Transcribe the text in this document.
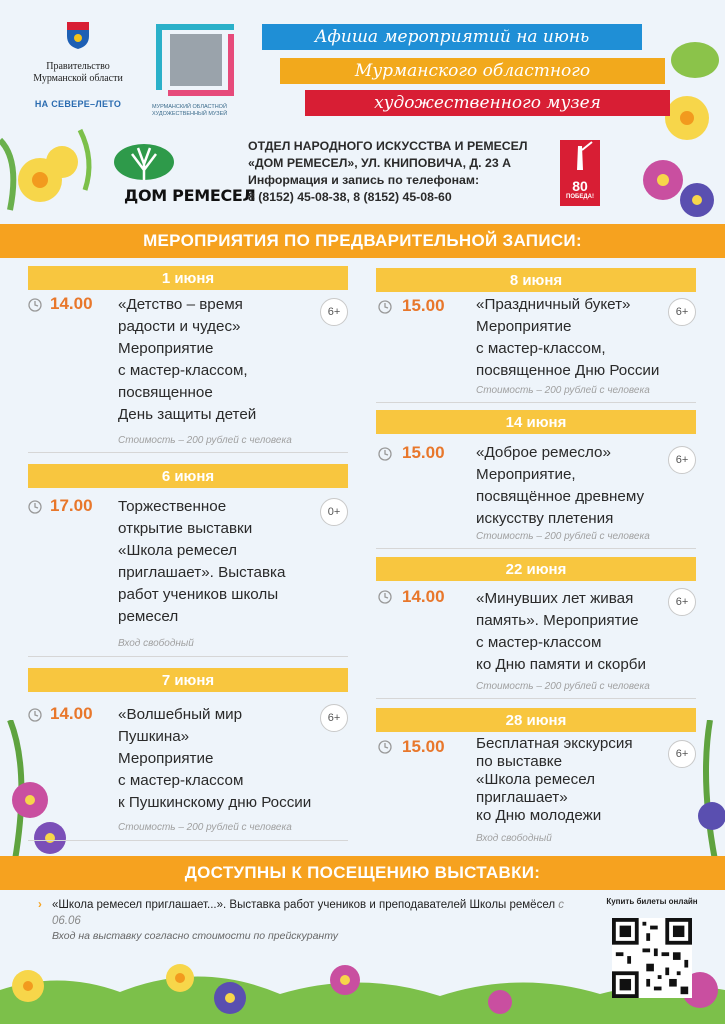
Правительство
Мурманской области
НА СЕВЕРЕ–ЛЕТО	МУРМАНСКИЙ ОБЛАСТНОЙ
ХУДОЖЕСТВЕННЫЙ МУЗЕЙ
Афиша мероприятий на июнь
Мурманского областного
художественного музея
ДОМ РЕМЕСЕЛ
ОТДЕЛ НАРОДНОГО ИСКУССТВА И РЕМЕСЕЛ
«ДОМ РЕМЕСЕЛ», УЛ. КНИПОВИЧА, Д. 23 А
Информация и запись по телефонам:
8 (8152) 45-08-38, 8 (8152) 45-08-60
80
ПОБЕДА!
МЕРОПРИЯТИЯ ПО ПРЕДВАРИТЕЛЬНОЙ ЗАПИСИ:
1 июня
14.00 «Детство – время
радости и чудес»
Мероприятие
с мастер-классом,
посвященное
День защиты детей
6+
Стоимость – 200 рублей с человека
6 июня
17.00 Торжественное
открытие выставки
«Школа ремесел
приглашает». Выставка
работ учеников школы
ремесел
0+
Вход свободный
7 июня
14.00 «Волшебный мир
Пушкина»
Мероприятие
с мастер-классом
к Пушкинскому дню России
6+
Стоимость – 200 рублей с человека
8 июня
15.00 «Праздничный букет»
Мероприятие
с мастер-классом,
посвященное Дню России
6+
Стоимость – 200 рублей с человека
14 июня
15.00 «Доброе ремесло»
Мероприятие,
посвящённое древнему
искусству плетения
6+
Стоимость – 200 рублей с человека
22 июня
14.00 «Минувших лет живая
память». Мероприятие
с мастер-классом
ко Дню памяти и скорби
6+
Стоимость – 200 рублей с человека
28 июня
15.00 Бесплатная экскурсия
по выставке
«Школа ремесел
приглашает»
ко Дню молодежи
6+
Вход свободный
ДОСТУПНЫ К ПОСЕЩЕНИЮ ВЫСТАВКИ:
› «Школа ремесел приглашает...». Выставка работ учеников и преподавателей Школы ремёсел с 06.06
Вход на выставку согласно стоимости по прейскуранту
Купить билеты онлайн
